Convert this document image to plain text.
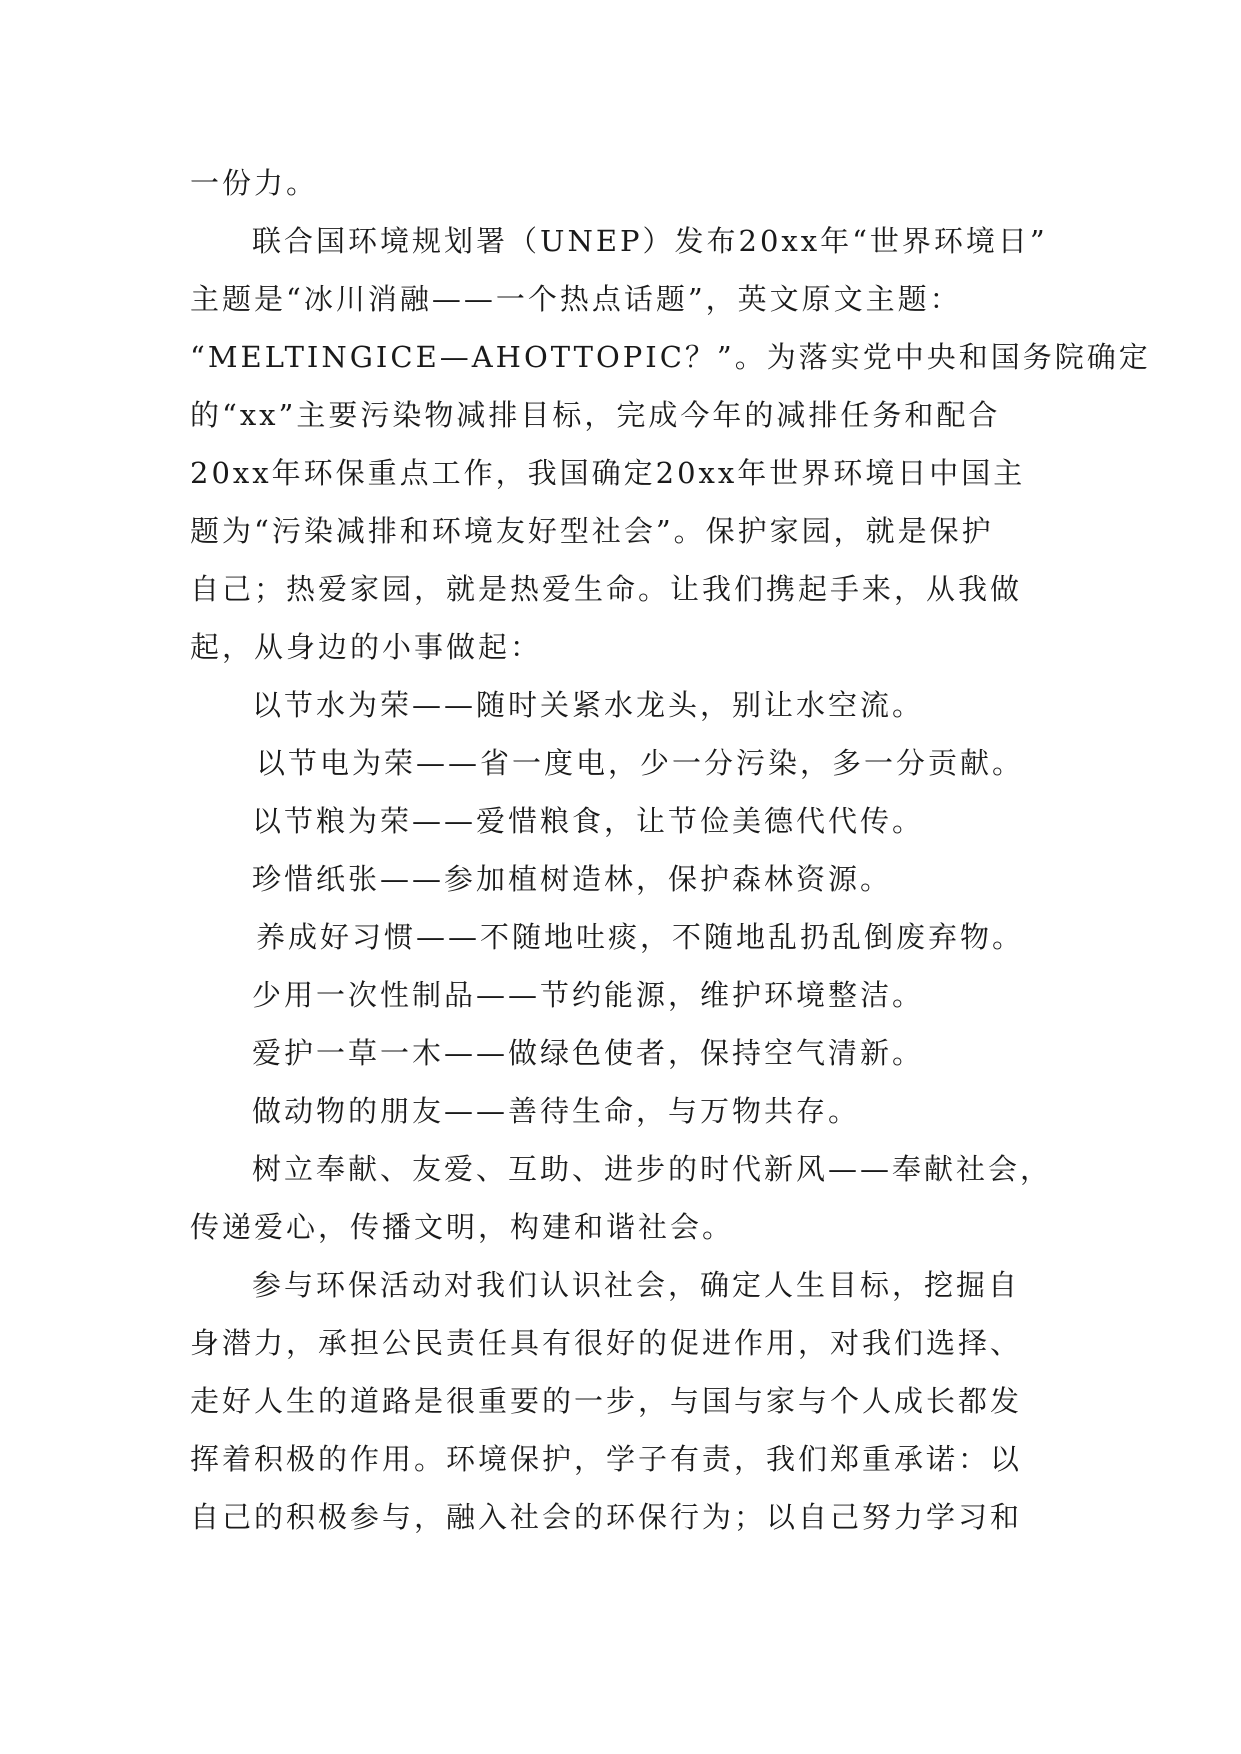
一份力。
联合国环境规划署（UNEP）发布20xx年“世界环境日”
主题是“冰川消融——一个热点话题”，英文原文主题：
“MELTINGICE—AHOTTOPIC？”。为落实党中央和国务院确定
的“xx”主要污染物减排目标，完成今年的减排任务和配合
20xx年环保重点工作，我国确定20xx年世界环境日中国主
题为“污染减排和环境友好型社会”。保护家园，就是保护
自己；热爱家园，就是热爱生命。让我们携起手来，从我做
起，从身边的小事做起：
以节水为荣——随时关紧水龙头，别让水空流。
以节电为荣——省一度电，少一分污染，多一分贡献。
以节粮为荣——爱惜粮食，让节俭美德代代传。
珍惜纸张——参加植树造林，保护森林资源。
养成好习惯——不随地吐痰，不随地乱扔乱倒废弃物。
少用一次性制品——节约能源，维护环境整洁。
爱护一草一木——做绿色使者，保持空气清新。
做动物的朋友——善待生命，与万物共存。
树立奉献、友爱、互助、进步的时代新风——奉献社会，
传递爱心，传播文明，构建和谐社会。
参与环保活动对我们认识社会，确定人生目标，挖掘自
身潜力，承担公民责任具有很好的促进作用，对我们选择、
走好人生的道路是很重要的一步，与国与家与个人成长都发
挥着积极的作用。环境保护，学子有责，我们郑重承诺：以
自己的积极参与，融入社会的环保行为；以自己努力学习和
